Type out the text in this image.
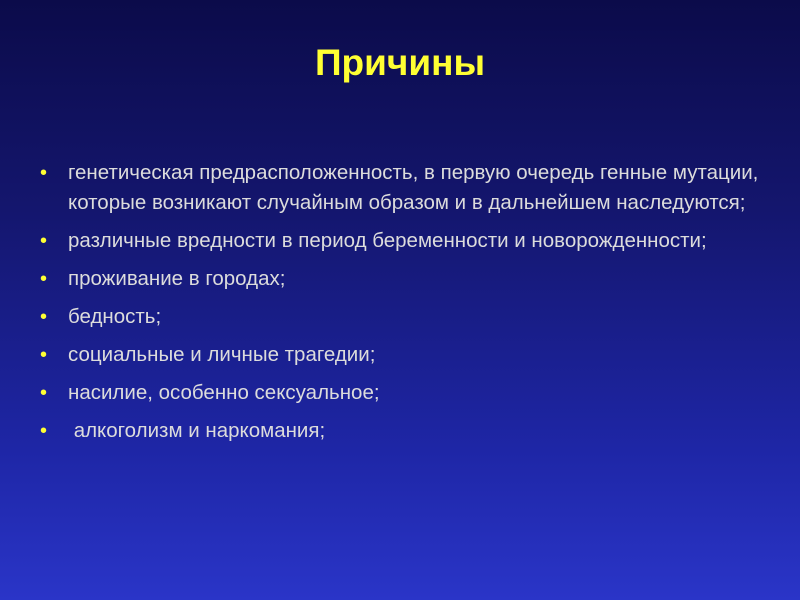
Причины
• генетическая предрасположенность, в первую очередь генные мутации, которые возникают случайным образом и в дальнейшем наследуются;
• различные вредности в период беременности и новорожденности;
• проживание в городах;
• бедность;
• социальные и личные трагедии;
• насилие, особенно сексуальное;
• алкоголизм и наркомания;
